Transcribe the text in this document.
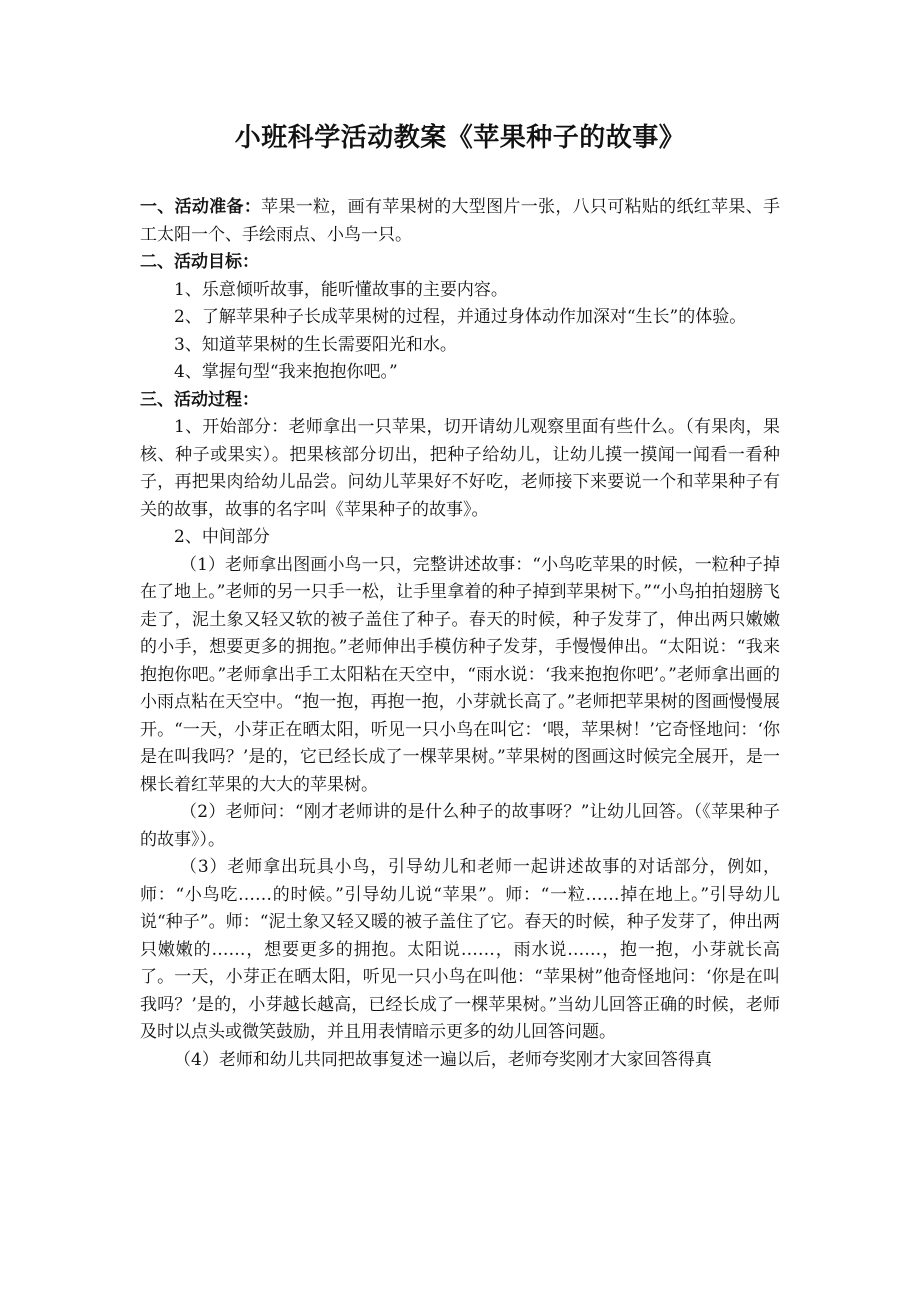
小班科学活动教案《苹果种子的故事》

一、活动准备：苹果一粒，画有苹果树的大型图片一张，八只可粘贴的纸红苹果、手工太阳一个、手绘雨点、小鸟一只。

二、活动目标：

1、乐意倾听故事，能听懂故事的主要内容。

2、了解苹果种子长成苹果树的过程，并通过身体动作加深对“生长”的体验。

3、知道苹果树的生长需要阳光和水。

4、掌握句型“我来抱抱你吧。”

三、活动过程：

1、开始部分：老师拿出一只苹果，切开请幼儿观察里面有些什么。（有果肉，果核、种子或果实）。把果核部分切出，把种子给幼儿，让幼儿摸一摸闻一闻看一看种子，再把果肉给幼儿品尝。问幼儿苹果好不好吃，老师接下来要说一个和苹果种子有关的故事，故事的名字叫《苹果种子的故事》。

2、中间部分

（1）老师拿出图画小鸟一只，完整讲述故事：“小鸟吃苹果的时候，一粒种子掉在了地上。”老师的另一只手一松，让手里拿着的种子掉到苹果树下。”“小鸟拍拍翅膀飞走了，泥土象又轻又软的被子盖住了种子。春天的时候，种子发芽了，伸出两只嫩嫩的小手，想要更多的拥抱。”老师伸出手模仿种子发芽，手慢慢伸出。“太阳说：“我来抱抱你吧。”老师拿出手工太阳粘在天空中，“雨水说：‘我来抱抱你吧’。”老师拿出画的小雨点粘在天空中。“抱一抱，再抱一抱，小芽就长高了。”老师把苹果树的图画慢慢展开。“一天，小芽正在晒太阳，听见一只小鸟在叫它：‘喂，苹果树！’它奇怪地问：‘你是在叫我吗？’是的，它已经长成了一棵苹果树。”苹果树的图画这时候完全展开，是一棵长着红苹果的大大的苹果树。

（2）老师问：“刚才老师讲的是什么种子的故事呀？”让幼儿回答。（《苹果种子的故事》）。

（3）老师拿出玩具小鸟，引导幼儿和老师一起讲述故事的对话部分，例如，师：“小鸟吃……的时候。”引导幼儿说“苹果”。师：“一粒……掉在地上。”引导幼儿说“种子”。师：“泥土象又轻又暖的被子盖住了它。春天的时候，种子发芽了，伸出两只嫩嫩的……，想要更多的拥抱。太阳说……，雨水说……，抱一抱，小芽就长高了。一天，小芽正在晒太阳，听见一只小鸟在叫他：“苹果树”他奇怪地问：‘你是在叫我吗？’是的，小芽越长越高，已经长成了一棵苹果树。”当幼儿回答正确的时候，老师及时以点头或微笑鼓励，并且用表情暗示更多的幼儿回答问题。

（4）老师和幼儿共同把故事复述一遍以后，老师夸奖刚才大家回答得真
